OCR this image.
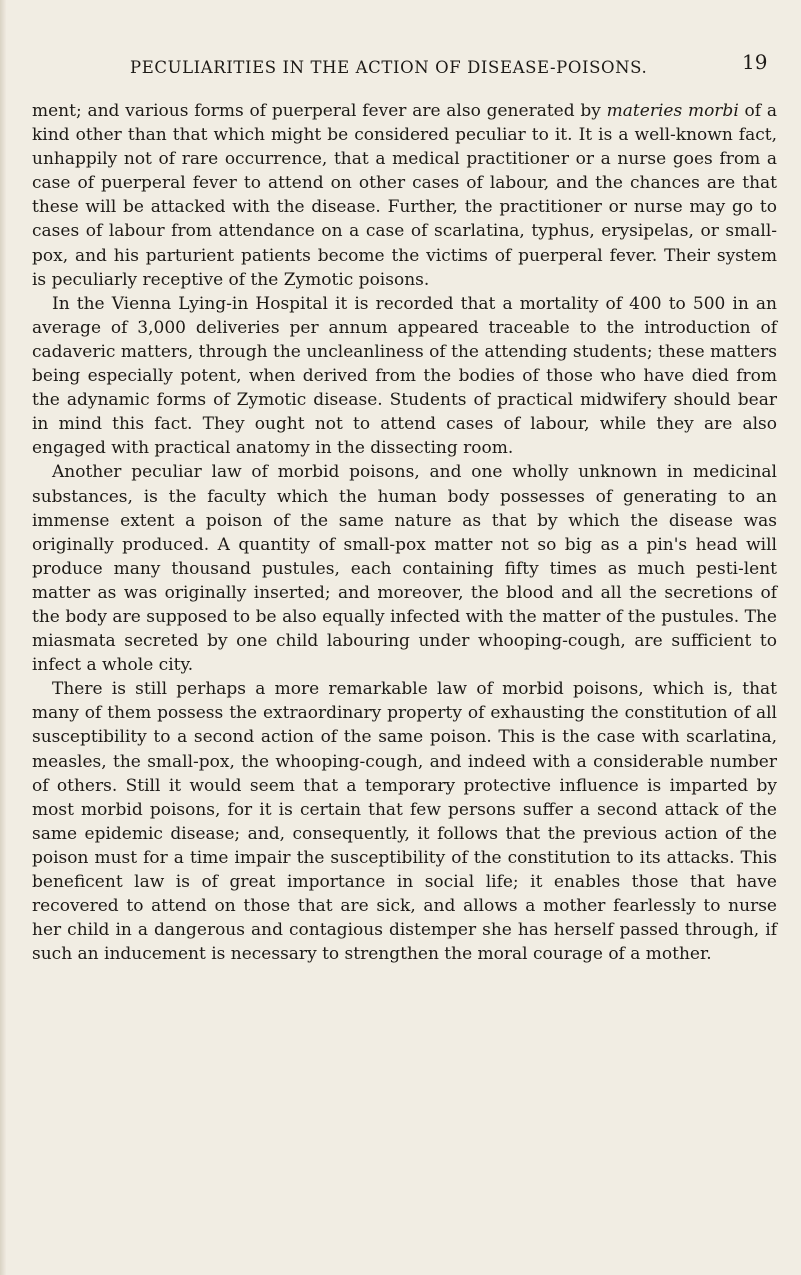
PECULIARITIES IN THE ACTION OF DISEASE-POISONS.	19

ment; and various forms of puerperal fever are also generated by materies morbi of a kind other than that which might be considered peculiar to it. It is a well-known fact, unhappily not of rare occurrence, that a medical practitioner or a nurse goes from a case of puerperal fever to attend on other cases of labour, and the chances are that these will be attacked with the disease. Further, the practitioner or nurse may go to cases of labour from attendance on a case of scarlatina, typhus, erysipelas, or small-pox, and his parturient patients become the victims of puerperal fever. Their system is peculiarly receptive of the Zymotic poisons.

In the Vienna Lying-in Hospital it is recorded that a mortality of 400 to 500 in an average of 3,000 deliveries per annum appeared traceable to the introduction of cadaveric matters, through the uncleanliness of the attending students; these matters being especially potent, when derived from the bodies of those who have died from the adynamic forms of Zymotic disease. Students of practical midwifery should bear in mind this fact. They ought not to attend cases of labour, while they are also engaged with practical anatomy in the dissecting room.

Another peculiar law of morbid poisons, and one wholly unknown in medicinal substances, is the faculty which the human body possesses of generating to an immense extent a poison of the same nature as that by which the disease was originally produced. A quantity of small-pox matter not so big as a pin's head will produce many thousand pustules, each containing fifty times as much pesti-lent matter as was originally inserted; and moreover, the blood and all the secretions of the body are supposed to be also equally infected with the matter of the pustules. The miasmata secreted by one child labouring under whooping-cough, are sufficient to infect a whole city.

There is still perhaps a more remarkable law of morbid poisons, which is, that many of them possess the extraordinary property of exhausting the constitution of all susceptibility to a second action of the same poison. This is the case with scarlatina, measles, the small-pox, the whooping-cough, and indeed with a considerable number of others. Still it would seem that a temporary protective influence is imparted by most morbid poisons, for it is certain that few persons suffer a second attack of the same epidemic disease; and, consequently, it follows that the previous action of the poison must for a time impair the susceptibility of the constitution to its attacks. This beneficent law is of great importance in social life; it enables those that have recovered to attend on those that are sick, and allows a mother fearlessly to nurse her child in a dangerous and contagious distemper she has herself passed through, if such an inducement is necessary to strengthen the moral courage of a mother.
